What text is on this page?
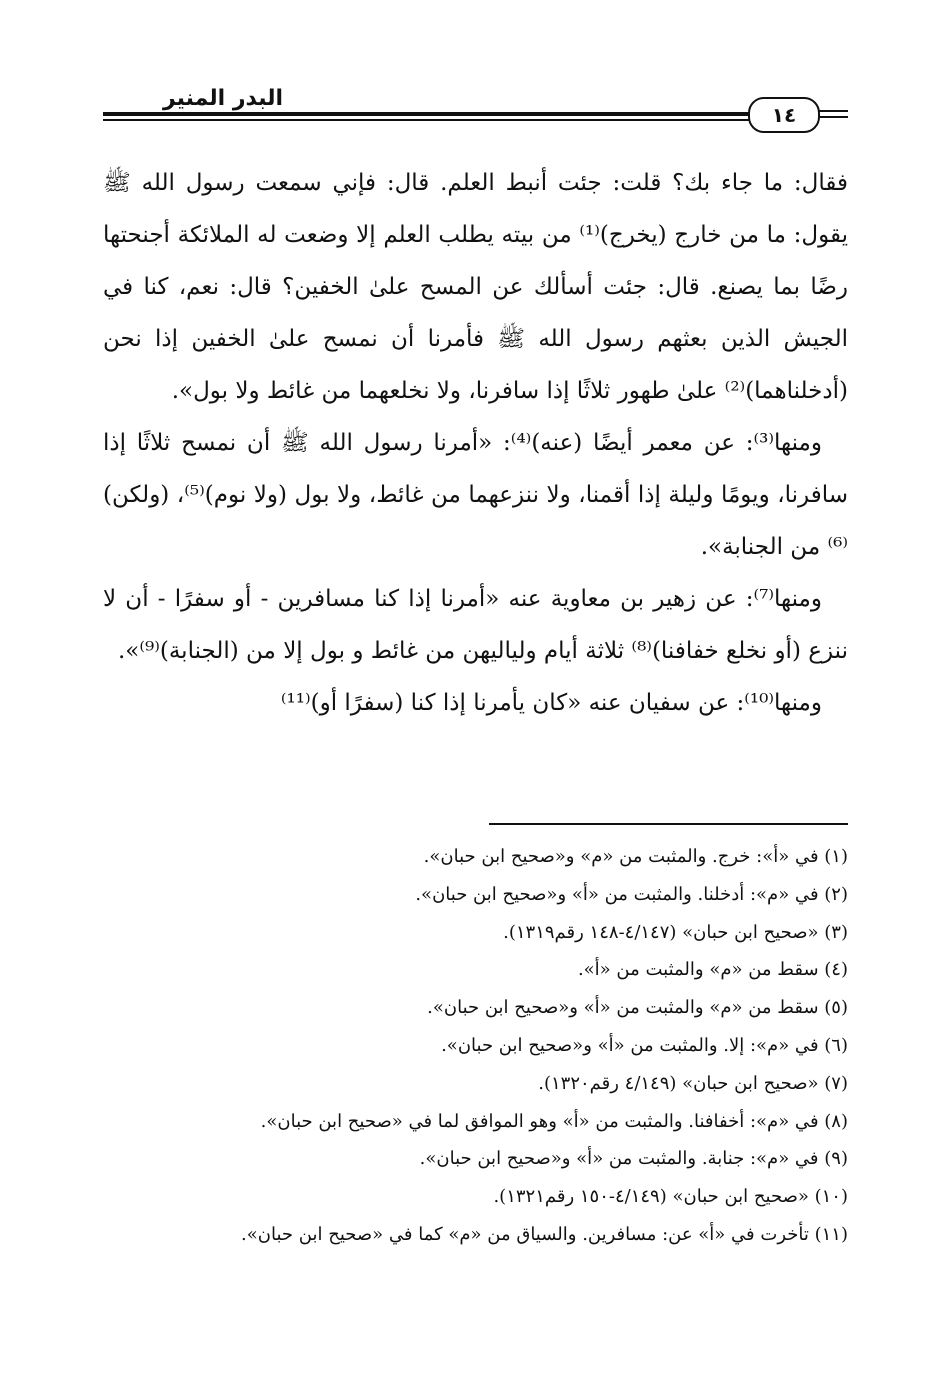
البدر المنير
١٤

فقال: ما جاء بك؟ قلت: جئت أنبط العلم. قال: فإني سمعت رسول الله ﷺ يقول: ما من خارج (يخرج)⁽¹⁾ من بيته يطلب العلم إلا وضعت له الملائكة أجنحتها رضًا بما يصنع. قال: جئت أسألك عن المسح علىٰ الخفين؟ قال: نعم، كنا في الجيش الذين بعثهم رسول الله ﷺ فأمرنا أن نمسح علىٰ الخفين إذا نحن (أدخلناهما)⁽²⁾ علىٰ طهور ثلاثًا إذا سافرنا، ولا نخلعهما من غائط ولا بول».

ومنها⁽³⁾: عن معمر أيضًا (عنه)⁽⁴⁾: «أمرنا رسول الله ﷺ أن نمسح ثلاثًا إذا سافرنا، ويومًا وليلة إذا أقمنا، ولا ننزعهما من غائط، ولا بول (ولا نوم)⁽⁵⁾، (ولكن)⁽⁶⁾ من الجنابة».

ومنها⁽⁷⁾: عن زهير بن معاوية عنه «أمرنا إذا كنا مسافرين - أو سفرًا - أن لا ننزع (أو نخلع خفافنا)⁽⁸⁾ ثلاثة أيام ولياليهن من غائط و بول إلا من (الجنابة)⁽⁹⁾».

ومنها⁽¹⁰⁾: عن سفيان عنه «كان يأمرنا إذا كنا (سفرًا أو)⁽¹¹⁾

(١) في «أ»: خرج. والمثبت من «م» و«صحيح ابن حبان».
(٢) في «م»: أدخلنا. والمثبت من «أ» و«صحيح ابن حبان».
(٣) «صحيح ابن حبان» (٤/١٤٧-١٤٨ رقم١٣١٩).
(٤) سقط من «م» والمثبت من «أ».
(٥) سقط من «م» والمثبت من «أ» و«صحيح ابن حبان».
(٦) في «م»: إلا. والمثبت من «أ» و«صحيح ابن حبان».
(٧) «صحيح ابن حبان» (٤/١٤٩ رقم١٣٢٠).
(٨) في «م»: أخفافنا. والمثبت من «أ» وهو الموافق لما في «صحيح ابن حبان».
(٩) في «م»: جنابة. والمثبت من «أ» و«صحيح ابن حبان».
(١٠) «صحيح ابن حبان» (٤/١٤٩-١٥٠ رقم١٣٢١).
(١١) تأخرت في «أ» عن: مسافرين. والسياق من «م» كما في «صحيح ابن حبان».
